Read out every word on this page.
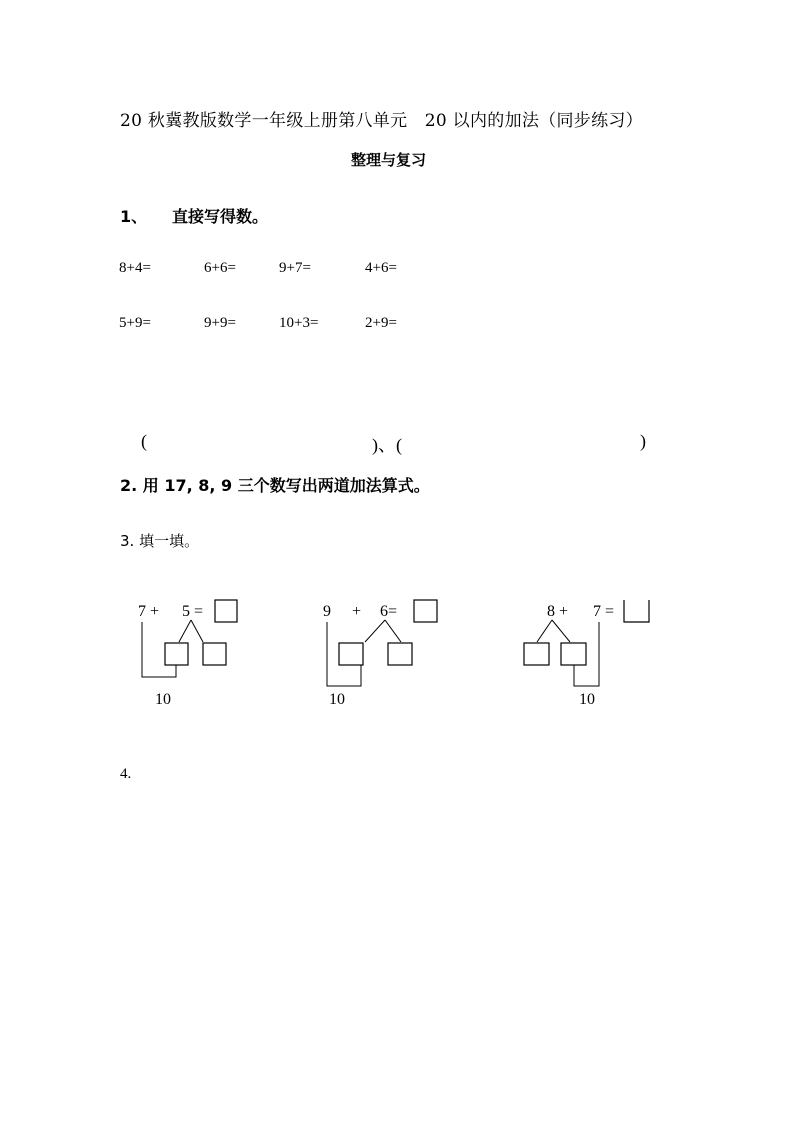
20 秋冀教版数学一年级上册第八单元　20 以内的加法（同步练习）
整理与复习
1、 直接写得数。
8+4=	6+6=	9+7=	4+6=
5+9=	9+9=	10+3=	2+9=
(	)、(	)
2. 用 17, 8, 9 三个数写出两道加法算式。
3. 填一填。
7 + 5 =
10
9 + 6=
10
8 + 7 =
10
4.
